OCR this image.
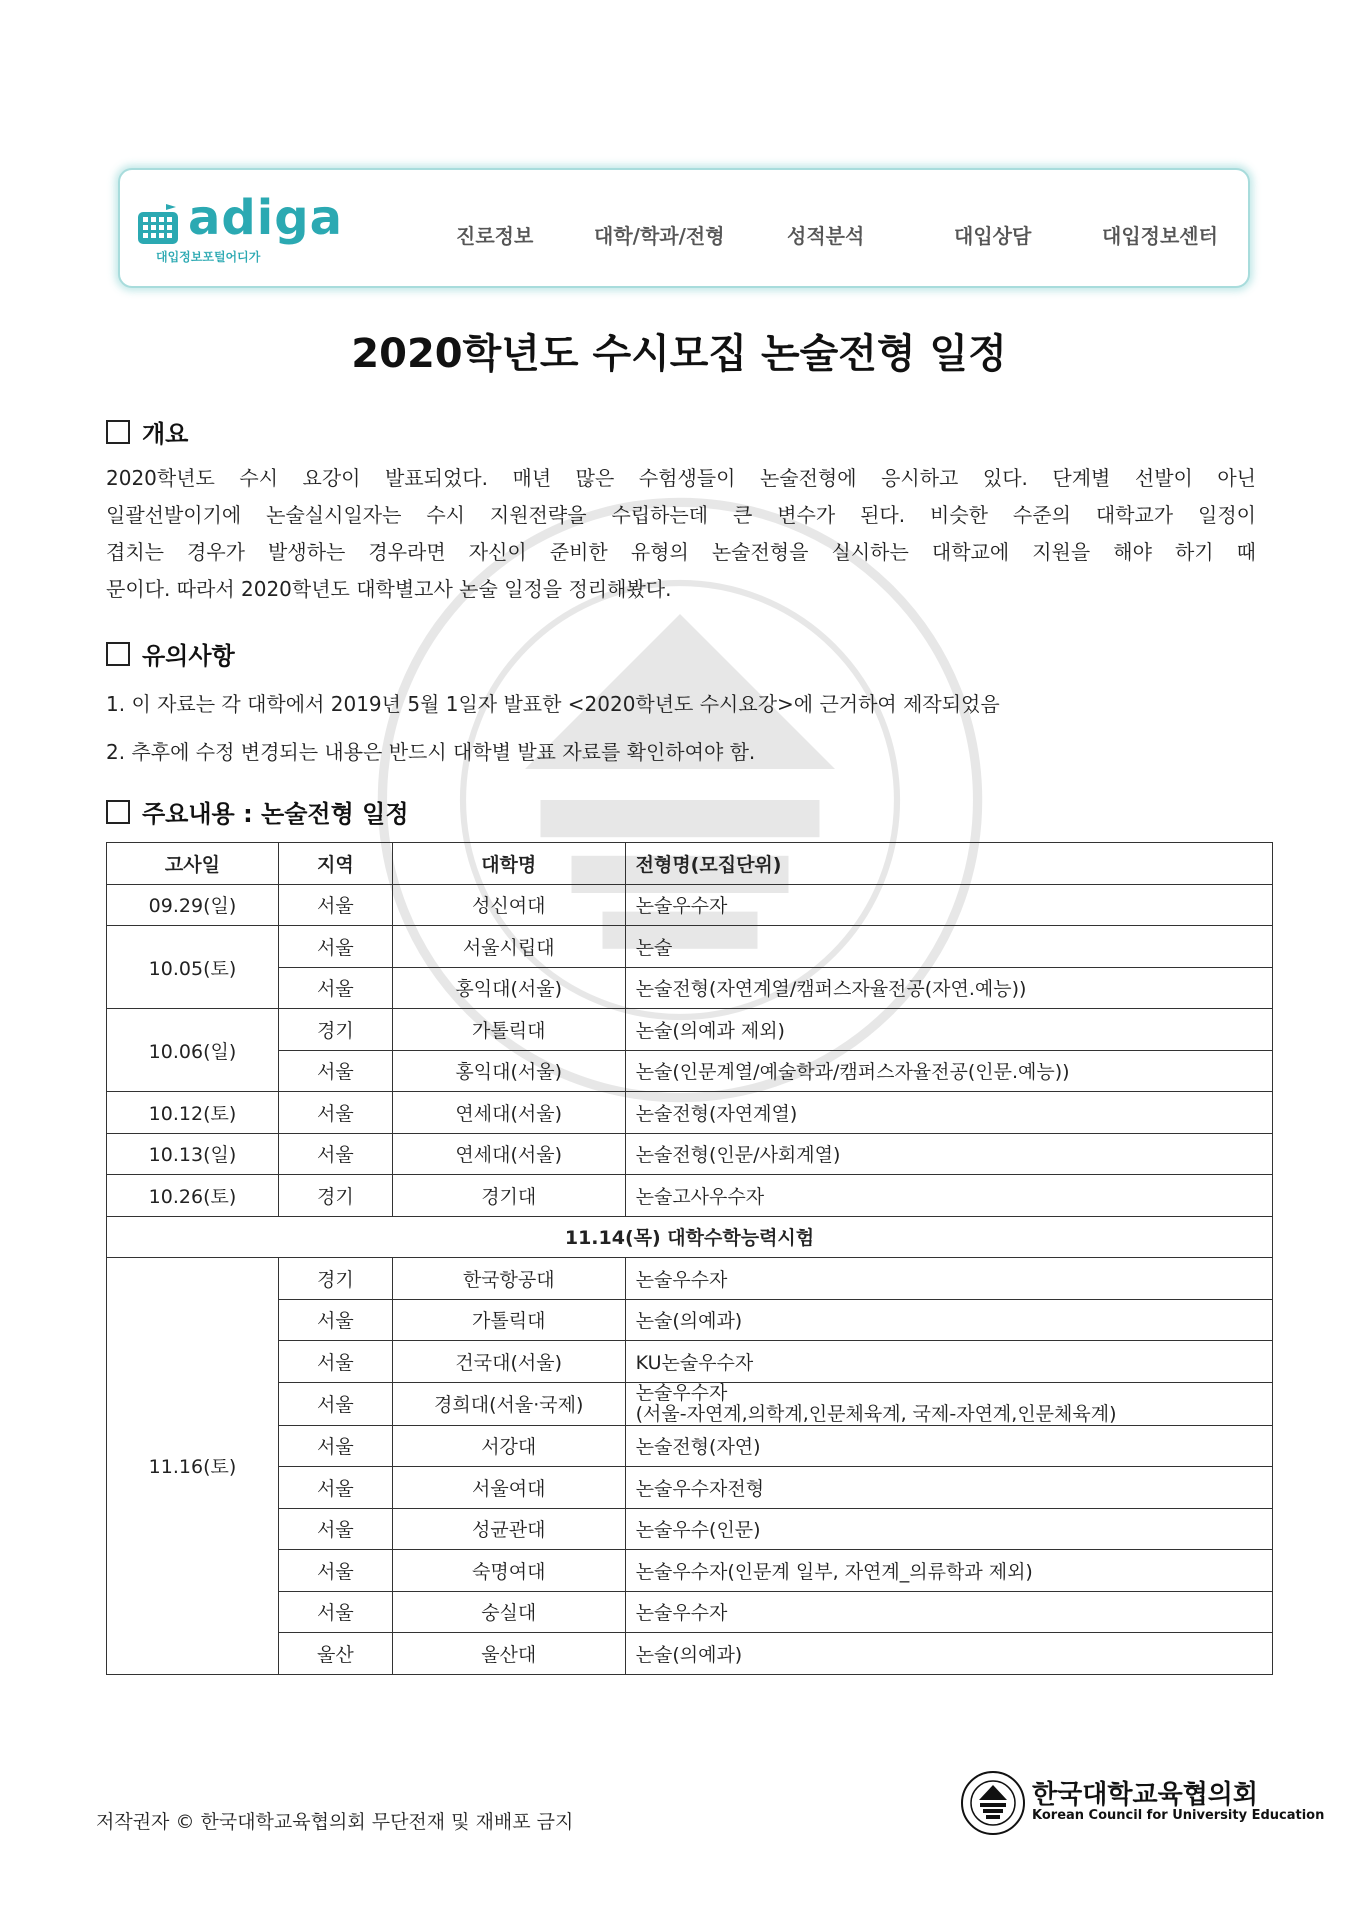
adiga
대입정보포털어디가
진로정보	대학/학과/전형	성적분석	대입상담	대입정보센터
2020학년도 수시모집 논술전형 일정
개요
2020학년도 수시 요강이 발표되었다. 매년 많은 수험생들이 논술전형에 응시하고 있다. 단계별 선발이 아닌
일괄선발이기에 논술실시일자는 수시 지원전략을 수립하는데 큰 변수가 된다. 비슷한 수준의 대학교가 일정이
겹치는 경우가 발생하는 경우라면 자신이 준비한 유형의 논술전형을 실시하는 대학교에 지원을 해야 하기 때
문이다. 따라서 2020학년도 대학별고사 논술 일정을 정리해봤다.
유의사항
1. 이 자료는 각 대학에서 2019년 5월 1일자 발표한 <2020학년도 수시요강>에 근거하여 제작되었음
2. 추후에 수정 변경되는 내용은 반드시 대학별 발표 자료를 확인하여야 함.
주요내용 : 논술전형 일정
고사일	지역	대학명	전형명(모집단위)
09.29(일)	서울	성신여대	논술우수자
10.05(토)	서울	서울시립대	논술
	서울	홍익대(서울)	논술전형(자연계열/캠퍼스자율전공(자연.예능))
10.06(일)	경기	가톨릭대	논술(의예과 제외)
	서울	홍익대(서울)	논술(인문계열/예술학과/캠퍼스자율전공(인문.예능))
10.12(토)	서울	연세대(서울)	논술전형(자연계열)
10.13(일)	서울	연세대(서울)	논술전형(인문/사회계열)
10.26(토)	경기	경기대	논술고사우수자
11.14(목) 대학수학능력시험			
11.16(토)	경기	한국항공대	논술우수자
	서울	가톨릭대	논술(의예과)
	서울	건국대(서울)	KU논술우수자
	서울	경희대(서울·국제)	논술우수자
(서울-자연계,의학계,인문체육계, 국제-자연계,인문체육계)

	서울	서강대	논술전형(자연)
	서울	서울여대	논술우수자전형
	서울	성균관대	논술우수(인문)
	서울	숙명여대	논술우수자(인문계 일부, 자연계_의류학과 제외)
	서울	숭실대	논술우수자
	울산	울산대	논술(의예과)
저작권자 © 한국대학교육협의회 무단전재 및 재배포 금지
한국대학교육협의회
Korean Council for University Education
